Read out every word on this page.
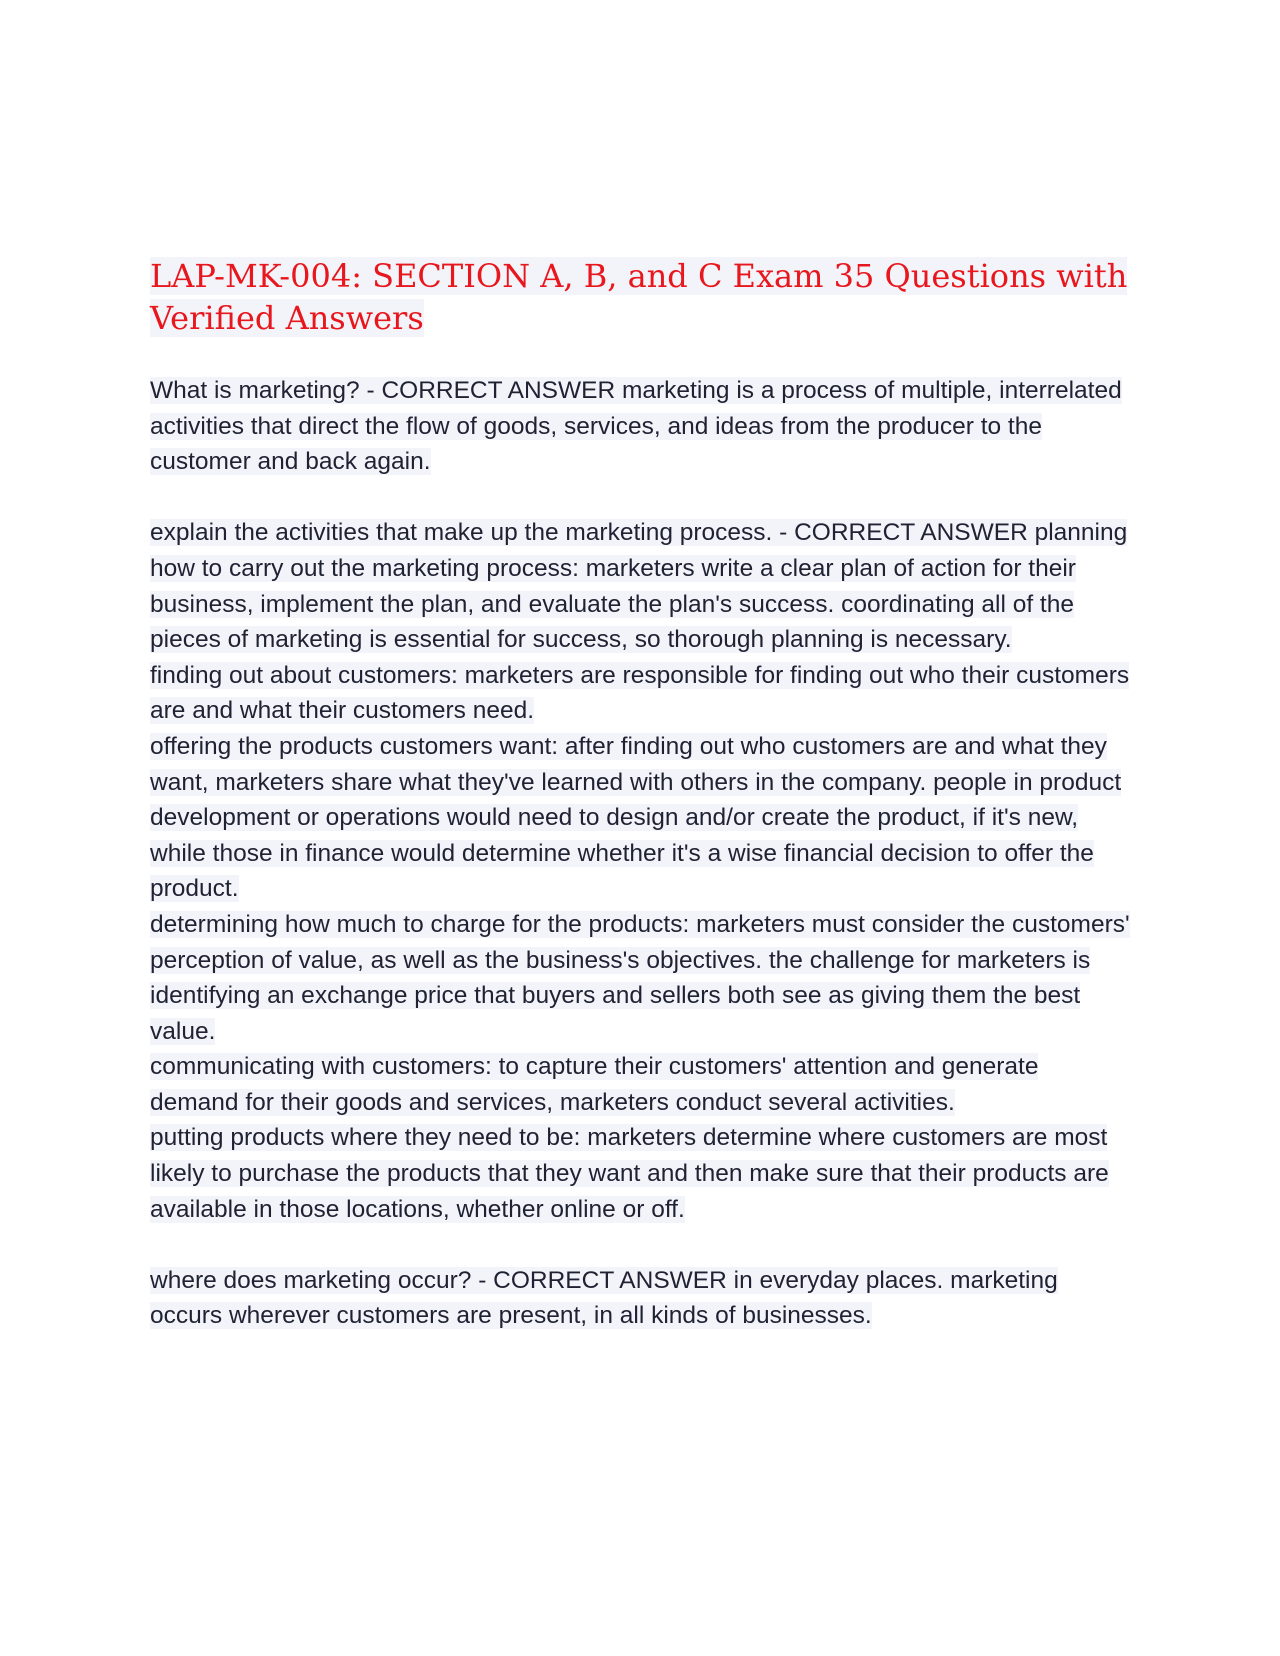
LAP-MK-004: SECTION A, B, and C Exam 35 Questions with Verified Answers

What is marketing? - CORRECT ANSWER marketing is a process of multiple, interrelated activities that direct the flow of goods, services, and ideas from the producer to the customer and back again.

explain the activities that make up the marketing process. - CORRECT ANSWER planning how to carry out the marketing process: marketers write a clear plan of action for their business, implement the plan, and evaluate the plan's success. coordinating all of the pieces of marketing is essential for success, so thorough planning is necessary.

finding out about customers: marketers are responsible for finding out who their customers are and what their customers need.

offering the products customers want: after finding out who customers are and what they want, marketers share what they've learned with others in the company. people in product development or operations would need to design and/or create the product, if it's new, while those in finance would determine whether it's a wise financial decision to offer the product.

determining how much to charge for the products: marketers must consider the customers' perception of value, as well as the business's objectives. the challenge for marketers is identifying an exchange price that buyers and sellers both see as giving them the best value.

communicating with customers: to capture their customers' attention and generate demand for their goods and services, marketers conduct several activities.

putting products where they need to be: marketers determine where customers are most likely to purchase the products that they want and then make sure that their products are available in those locations, whether online or off.

where does marketing occur? - CORRECT ANSWER in everyday places. marketing occurs wherever customers are present, in all kinds of businesses.
